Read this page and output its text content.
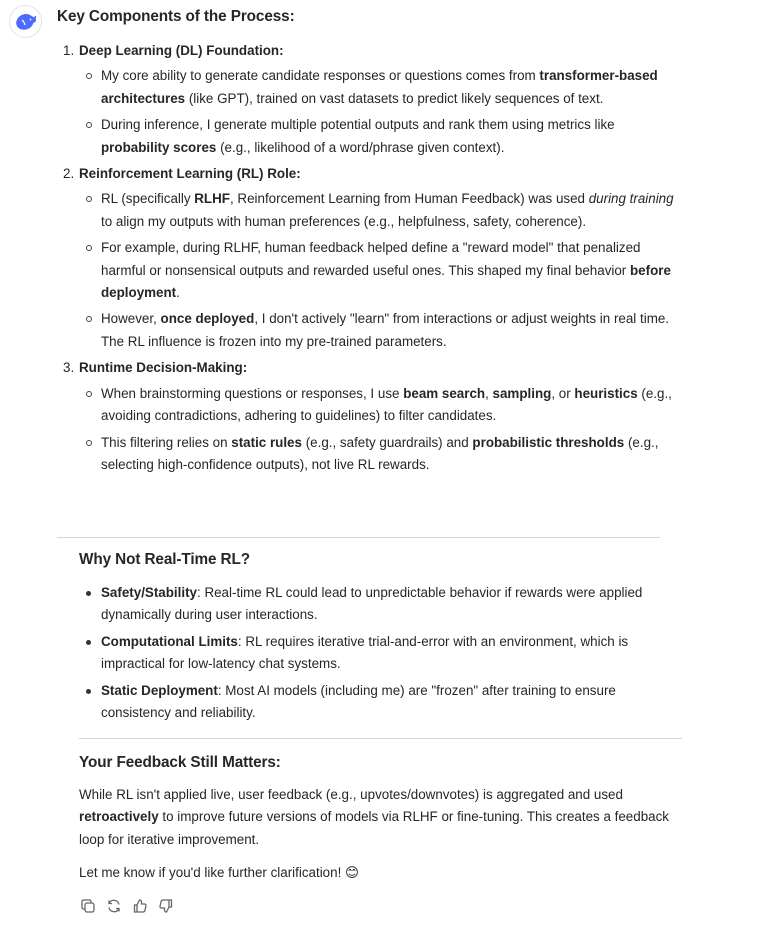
Key Components of the Process:
1. Deep Learning (DL) Foundation:
My core ability to generate candidate responses or questions comes from transformer-based architectures (like GPT), trained on vast datasets to predict likely sequences of text.
During inference, I generate multiple potential outputs and rank them using metrics like probability scores (e.g., likelihood of a word/phrase given context).
2. Reinforcement Learning (RL) Role:
RL (specifically RLHF, Reinforcement Learning from Human Feedback) was used during training to align my outputs with human preferences (e.g., helpfulness, safety, coherence).
For example, during RLHF, human feedback helped define a "reward model" that penalized harmful or nonsensical outputs and rewarded useful ones. This shaped my final behavior before deployment.
However, once deployed, I don't actively "learn" from interactions or adjust weights in real time. The RL influence is frozen into my pre-trained parameters.
3. Runtime Decision-Making:
When brainstorming questions or responses, I use beam search, sampling, or heuristics (e.g., avoiding contradictions, adhering to guidelines) to filter candidates.
This filtering relies on static rules (e.g., safety guardrails) and probabilistic thresholds (e.g., selecting high-confidence outputs), not live RL rewards.
Why Not Real-Time RL?
Safety/Stability: Real-time RL could lead to unpredictable behavior if rewards were applied dynamically during user interactions.
Computational Limits: RL requires iterative trial-and-error with an environment, which is impractical for low-latency chat systems.
Static Deployment: Most AI models (including me) are "frozen" after training to ensure consistency and reliability.
Your Feedback Still Matters:

While RL isn't applied live, user feedback (e.g., upvotes/downvotes) is aggregated and used retroactively to improve future versions of models via RLHF or fine-tuning. This creates a feedback loop for iterative improvement.

Let me know if you'd like further clarification! 😊
